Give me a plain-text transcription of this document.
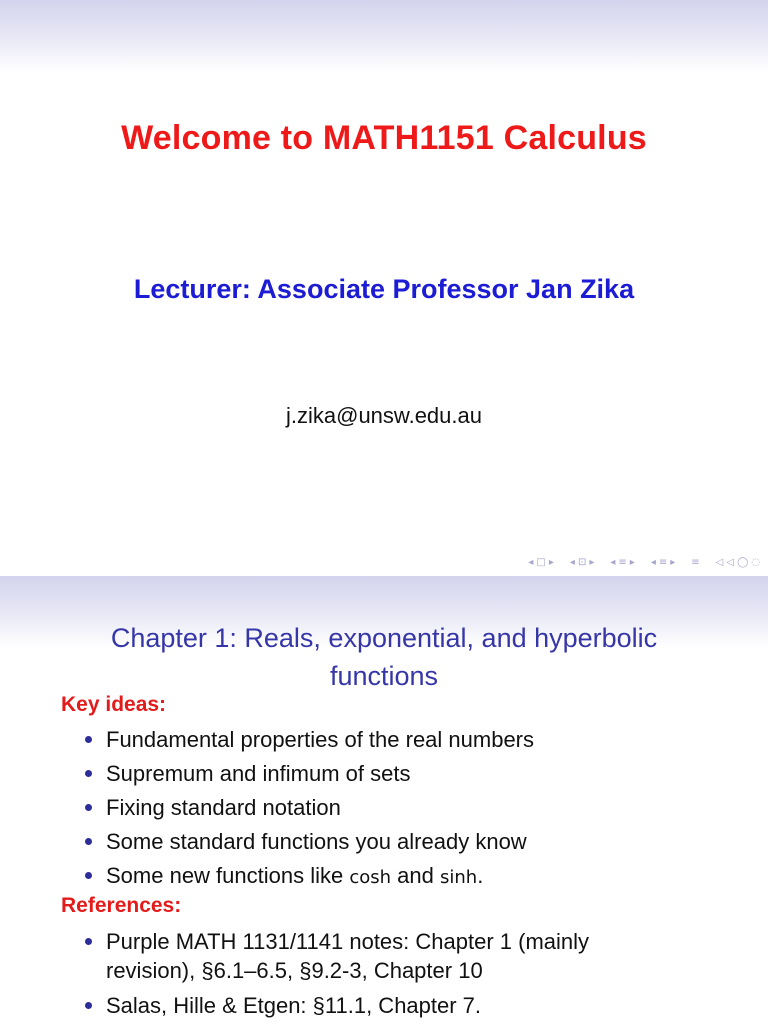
Welcome to MATH1151 Calculus
Lecturer: Associate Professor Jan Zika
j.zika@unsw.edu.au
◂ □ ▸ ◂ ⊡ ▸ ◂ ≡ ▸ ◂ ≡ ▸ ≡ ◁ ◁ ◯ ◌
Chapter 1: Reals, exponential, and hyperbolic
functions
Key ideas:
Fundamental properties of the real numbers
Supremum and infimum of sets
Fixing standard notation
Some standard functions you already know
Some new functions like cosh and sinh.
References:
Purple MATH 1131/1141 notes: Chapter 1 (mainly
revision), §6.1–6.5, §9.2-3, Chapter 10
Salas, Hille & Etgen: §11.1, Chapter 7.
